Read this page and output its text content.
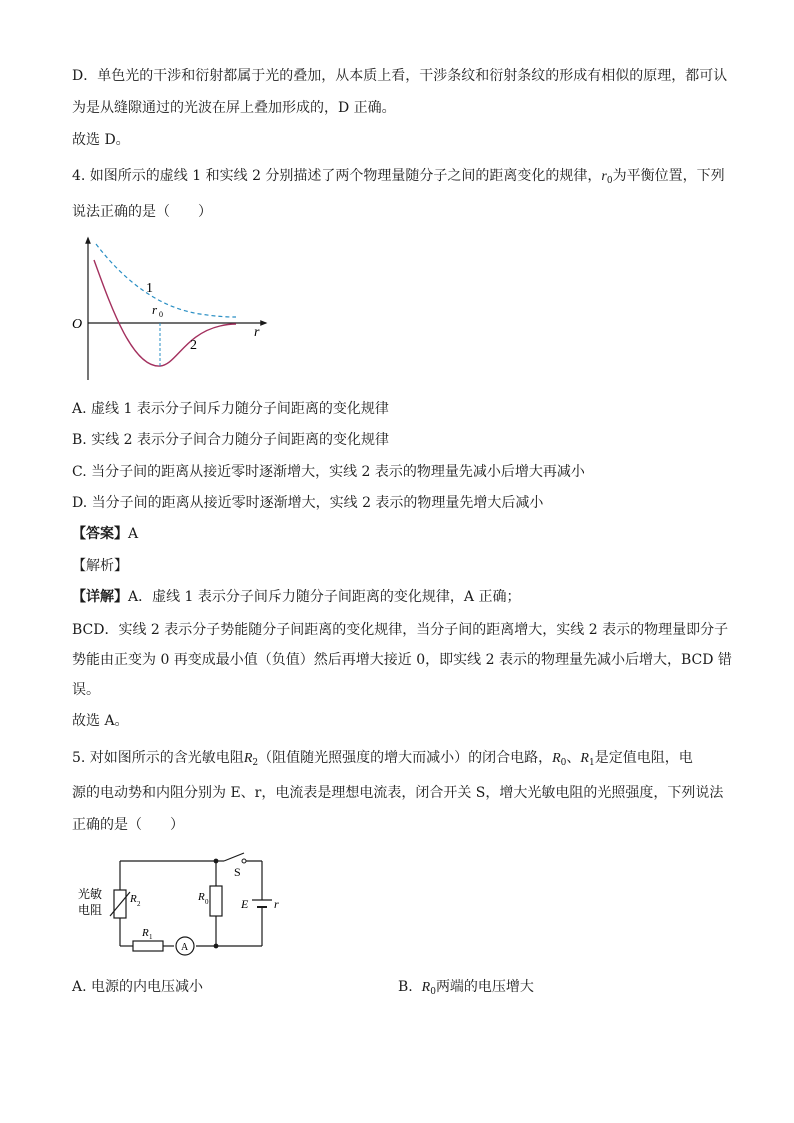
D．单色光的干涉和衍射都属于光的叠加，从本质上看，干涉条纹和衍射条纹的形成有相似的原理，都可认
为是从缝隙通过的光波在屏上叠加形成的，D 正确。
故选 D。
4. 如图所示的虚线 1 和实线 2 分别描述了两个物理量随分子之间的距离变化的规律，$r_0$为平衡位置，下列
说法正确的是（　　）
O
r
r 0
1
2
A. 虚线 1 表示分子间斥力随分子间距离的变化规律
B. 实线 2 表示分子间合力随分子间距离的变化规律
C. 当分子间的距离从接近零时逐渐增大，实线 2 表示的物理量先减小后增大再减小
D. 当分子间的距离从接近零时逐渐增大，实线 2 表示的物理量先增大后减小
【答案】A
【解析】
【详解】A．虚线 1 表示分子间斥力随分子间距离的变化规律，A 正确；
BCD．实线 2 表示分子势能随分子间距离的变化规律，当分子间的距离增大，实线 2 表示的物理量即分子
势能由正变为 0 再变成最小值（负值）然后再增大接近 0，即实线 2 表示的物理量先减小后增大，BCD 错
误。
故选 A。
5. 对如图所示的含光敏电阻$R_2$（阻值随光照强度的增大而减小）的闭合电路，$R_0$、$R_1$是定值电阻，电
源的电动势和内阻分别为 E、r，电流表是理想电流表，闭合开关 S，增大光敏电阻的光照强度，下列说法
正确的是（　　）
光敏
电阻
R 2
R 0
R 1
A
S
E r
A. 电源的内电压减小	B.  $R_0$两端的电压增大
